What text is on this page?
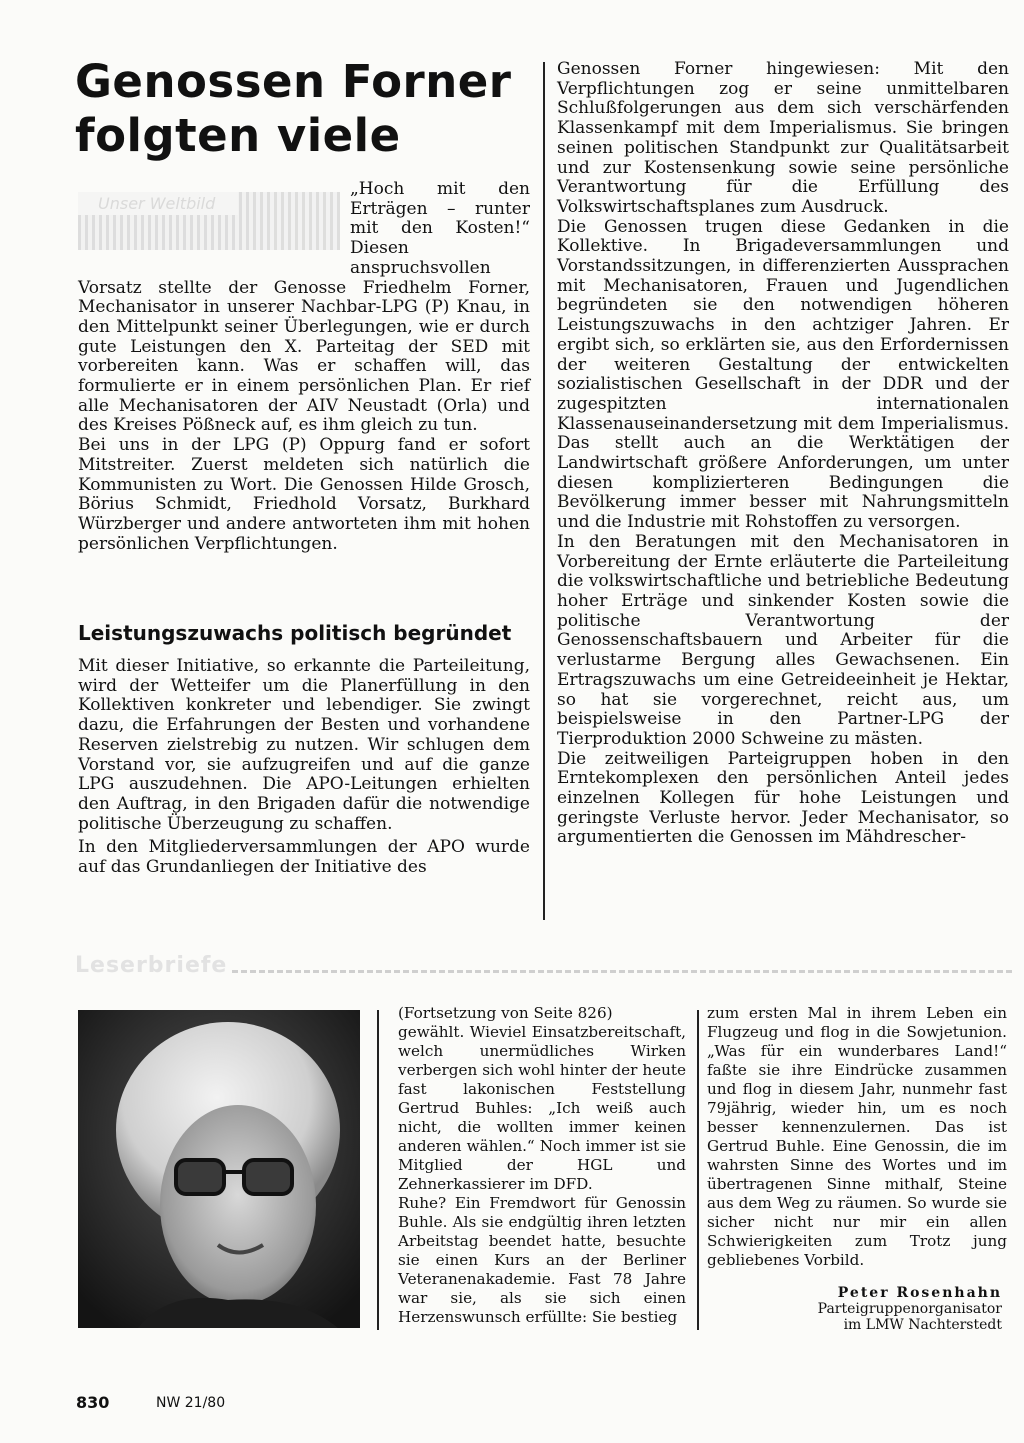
Genossen Forner folgten viele
Unser Weltbild

„Hoch mit den Erträgen – runter mit den Kosten!“ Diesen anspruchsvollen Vorsatz stellte der Genosse Friedhelm Forner, Mechanisator in unserer Nachbar-LPG (P) Knau, in den Mittelpunkt seiner Überlegungen, wie er durch gute Leistungen den X. Parteitag der SED mit vorbereiten kann. Was er schaffen will, das formulierte er in einem persönlichen Plan. Er rief alle Mechanisatoren der AIV Neustadt (Orla) und des Kreises Pößneck auf, es ihm gleich zu tun.

Bei uns in der LPG (P) Oppurg fand er sofort Mitstreiter. Zuerst meldeten sich natürlich die Kommunisten zu Wort. Die Genossen Hilde Grosch, Börius Schmidt, Friedhold Vorsatz, Burkhard Würzberger und andere antworteten ihm mit hohen persönlichen Verpflichtungen.

Leistungszuwachs politisch begründet

Mit dieser Initiative, so erkannte die Parteileitung, wird der Wetteifer um die Planerfüllung in den Kollektiven konkreter und lebendiger. Sie zwingt dazu, die Erfahrungen der Besten und vorhandene Reserven zielstrebig zu nutzen. Wir schlugen dem Vorstand vor, sie aufzugreifen und auf die ganze LPG auszudehnen. Die APO-Leitungen erhielten den Auftrag, in den Brigaden dafür die notwendige politische Überzeugung zu schaffen.

In den Mitgliederversammlungen der APO wurde auf das Grundanliegen der Initiative des

Genossen Forner hingewiesen: Mit den Verpflichtungen zog er seine unmittelbaren Schlußfolgerungen aus dem sich verschärfenden Klassenkampf mit dem Imperialismus. Sie bringen seinen politischen Standpunkt zur Qualitätsarbeit und zur Kostensenkung sowie seine persönliche Verantwortung für die Erfüllung des Volkswirtschaftsplanes zum Ausdruck.

Die Genossen trugen diese Gedanken in die Kollektive. In Brigadeversammlungen und Vorstandssitzungen, in differenzierten Aussprachen mit Mechanisatoren, Frauen und Jugendlichen begründeten sie den notwendigen höheren Leistungszuwachs in den achtziger Jahren. Er ergibt sich, so erklärten sie, aus den Erfordernissen der weiteren Gestaltung der entwickelten sozialistischen Gesellschaft in der DDR und der zugespitzten internationalen Klassenauseinandersetzung mit dem Imperialismus. Das stellt auch an die Werktätigen der Landwirtschaft größere Anforderungen, um unter diesen komplizierteren Bedingungen die Bevölkerung immer besser mit Nahrungsmitteln und die Industrie mit Rohstoffen zu versorgen.

In den Beratungen mit den Mechanisatoren in Vorbereitung der Ernte erläuterte die Parteileitung die volkswirtschaftliche und betriebliche Bedeutung hoher Erträge und sinkender Kosten sowie die politische Verantwortung der Genossenschaftsbauern und Arbeiter für die verlustarme Bergung alles Gewachsenen. Ein Ertragszuwachs um eine Getreideeinheit je Hektar, so hat sie vorgerechnet, reicht aus, um beispielsweise in den Partner-LPG der Tierproduktion 2000 Schweine zu mästen.

Die zeitweiligen Parteigruppen hoben in den Erntekomplexen den persönlichen Anteil jedes einzelnen Kollegen für hohe Leistungen und geringste Verluste hervor. Jeder Mechanisator, so argumentierten die Genossen im Mähdrescher-

Leserbriefe

(Fortsetzung von Seite 826)

gewählt. Wieviel Einsatzbereitschaft, welch unermüdliches Wirken verbergen sich wohl hinter der heute fast lakonischen Feststellung Gertrud Buhles: „Ich weiß auch nicht, die wollten immer keinen anderen wählen.“ Noch immer ist sie Mitglied der HGL und Zehnerkassierer im DFD.

Ruhe? Ein Fremdwort für Genossin Buhle. Als sie endgültig ihren letzten Arbeitstag beendet hatte, besuchte sie einen Kurs an der Berliner Veteranenakademie. Fast 78 Jahre war sie, als sie sich einen Herzenswunsch erfüllte: Sie bestieg

zum ersten Mal in ihrem Leben ein Flugzeug und flog in die Sowjetunion. „Was für ein wunderbares Land!“ faßte sie ihre Eindrücke zusammen und flog in diesem Jahr, nunmehr fast 79jährig, wieder hin, um es noch besser kennenzulernen. Das ist Gertrud Buhle. Eine Genossin, die im wahrsten Sinne des Wortes und im übertragenen Sinne mithalf, Steine aus dem Weg zu räumen. So wurde sie sicher nicht nur mir ein allen Schwierigkeiten zum Trotz jung gebliebenes Vorbild.

Peter Rosenhahn
Parteigruppenorganisator
im LMW Nachterstedt
830	NW 21/80
